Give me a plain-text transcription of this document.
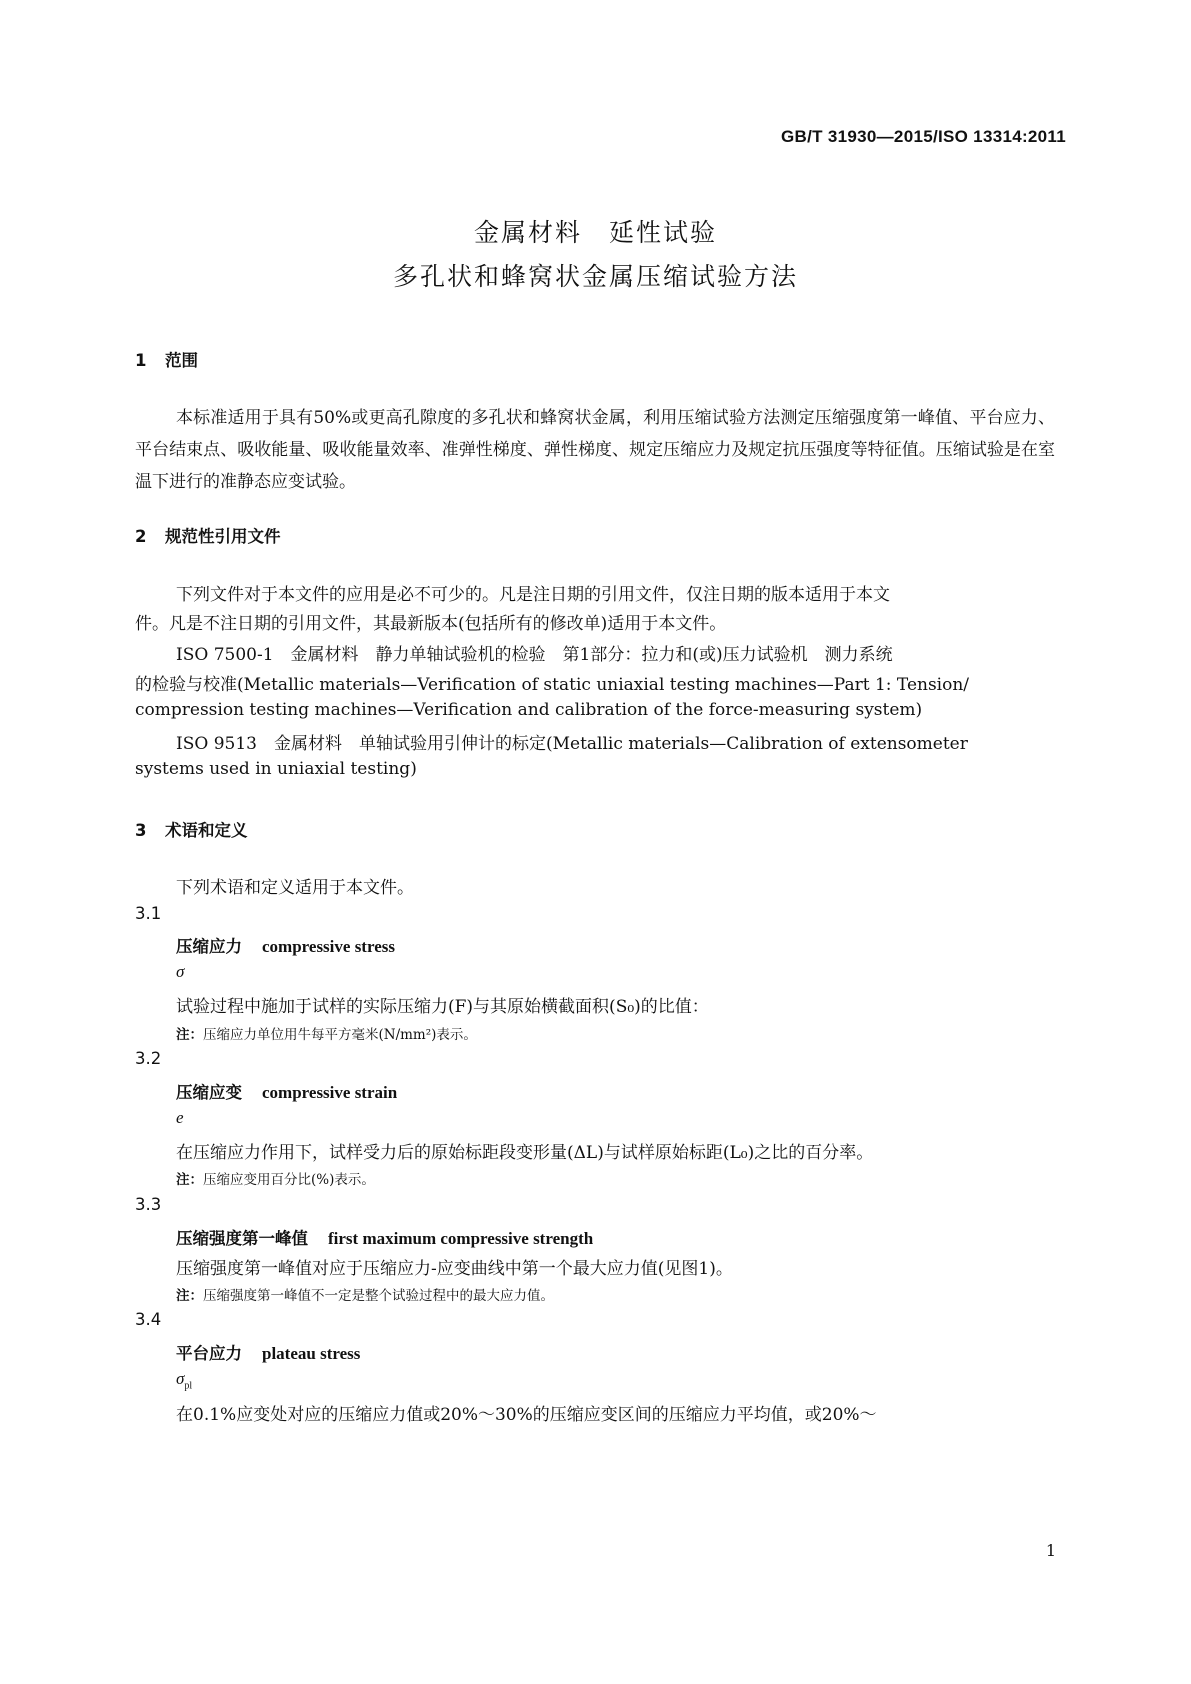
GB/T 31930—2015/ISO 13314:2011
金属材料　延性试验
多孔状和蜂窝状金属压缩试验方法
1 范围
本标准适用于具有50%或更高孔隙度的多孔状和蜂窝状金属，利用压缩试验方法测定压缩强度第一峰值、平台应力、平台结束点、吸收能量、吸收能量效率、准弹性梯度、弹性梯度、规定压缩应力及规定抗压强度等特征值。压缩试验是在室温下进行的准静态应变试验。
2 规范性引用文件
下列文件对于本文件的应用是必不可少的。凡是注日期的引用文件，仅注日期的版本适用于本文
件。凡是不注日期的引用文件，其最新版本(包括所有的修改单)适用于本文件。
ISO 7500-1　金属材料　静力单轴试验机的检验　第1部分：拉力和(或)压力试验机　测力系统
的检验与校准(Metallic materials—Verification of static uniaxial testing machines—Part 1: Tension/
compression testing machines—Verification and calibration of the force-measuring system)
ISO 9513　金属材料　单轴试验用引伸计的标定(Metallic materials—Calibration of extensometer
systems used in uniaxial testing)
3 术语和定义
下列术语和定义适用于本文件。
3.1
压缩应力 compressive stress
σ
试验过程中施加于试样的实际压缩力(F)与其原始横截面积(S₀)的比值：
注：压缩应力单位用牛每平方毫米(N/mm²)表示。
3.2
压缩应变 compressive strain
e
在压缩应力作用下，试样受力后的原始标距段变形量(ΔL)与试样原始标距(L₀)之比的百分率。
注：压缩应变用百分比(%)表示。
3.3
压缩强度第一峰值 first maximum compressive strength
压缩强度第一峰值对应于压缩应力-应变曲线中第一个最大应力值(见图1)。
注：压缩强度第一峰值不一定是整个试验过程中的最大应力值。
3.4
平台应力 plateau stress
$\sigma_{pl}$
在0.1%应变处对应的压缩应力值或20%～30%的压缩应变区间的压缩应力平均值，或20%～
1
